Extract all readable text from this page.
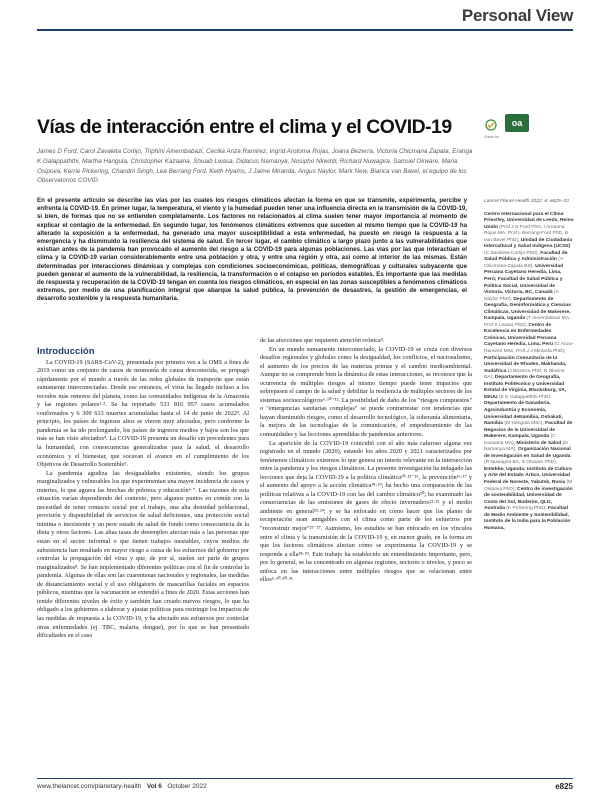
Personal View
Vías de interacción entre el clima y el COVID-19	Check for
oa
James D Ford, Carol Zavaleta Cortijo, Triphini Ainembabazi, Cecilia Anza Ramirez, Ingrid Arotoma Rojas, Joana Bezerra, Victoria Chicmana Zapata, Eranga K Galappaththi, Martha Hangula, Christopher Kazaana, Shuaib Lwasa, Didacus Namanya, Nosipho Nkwinti, Richard Nuwagira, Samuel Okware, Maria Osipova, Kerrie Pickering, Chandni Singh, Lea Berrang Ford, Keith Hyams, J Jaime Miranda, Angus Naylor, Mark New, Bianca van Bavel, el equipo de los Observatorios COVID
En el presente artículo se describe las vías por las cuales los riesgos climáticos afectan la forma en que se transmite, experimenta, percibe y enfrenta la COVID-19. En primer lugar, la temperatura, el viento y la humedad pueden tener una influencia directa en la transmisión de la COVID-19, si bien, de formas que no se entienden completamente. Los factores no relacionados al clima suelen tener mayor importancia al momento de explicar el contagio de la enfermedad. En segundo lugar, los fenómenos climáticos extremos que suceden al mismo tiempo que la COVID-19 ha alterado la exposición a la enfermedad, ha generado una mayor susceptibilidad a esta enfermedad, ha puesto en riesgo la respuesta a la emergencia y ha disminuido la resiliencia del sistema de salud. En tercer lugar, el cambio climático a largo plazo junto a las vulnerabilidades que existían antes de la pandemia han provocado el aumento del riesgo a la COVID-19 para algunas poblaciones. Las vías por las que interactúan el clima y la COVID-19 varían considerablemente entre una población y otra, y entre una región y otra, así como al interior de las mismas. Están determinadas por interacciones dinámicas y complejas con condiciones socioeconómicas, políticas, demográficas y culturales subyacente que pueden generar el aumento de la vulnerabilidad, la resiliencia, la transformación o el colapso en períodos estables. Es importante que las medidas de respuesta y recuperación de la COVID-19 tengan en cuenta los riesgos climáticos, en especial en las zonas susceptibles a fenómenos climáticos extremos, por medio de una planificación integral que abarque la salud pública, la prevención de desastres, la gestión de emergencias, el desarrollo sostenible y la respuesta humanitaria.
Introducción

La COVID-19 (SARS-CoV-2), presentada por primera vez a la OMS a fines de 2019 como un conjunto de casos de neumonía de causa desconocida, se propagó rápidamente por el mundo a través de las redes globales de transporte que están sumamente interconectadas. Desde ese entonces, el virus ha llegado incluso a los recodos más remotos del planeta, como las comunidades indígenas de la Amazonía y las regiones polares¹·². Se ha reportado 533 816 957 casos acumulados confirmados y 6 309 633 muertes acumuladas hasta el 14 de junio de 2022³. Al principio, los países de ingresos altos se vieron muy afectados, pero conforme la pandemia se ha ido prolongando, los países de ingresos medios y bajos son los que más se han visto afectados⁴. La COVID-19 presenta un desafío sin precedentes para la humanidad, con consecuencias generalizadas para la salud, el desarrollo económico y el bienestar, que socavan el avance en el cumplimiento de los Objetivos de Desarrollo Sostenible⁵.

La pandemia agudiza las desigualdades existentes, siendo los grupos marginalizados y vulnerables los que experimentan una mayor incidencia de casos y muertes, lo que agrava las brechas de pobreza y educación⁶·⁷. Las razones de esta situación varían dependiendo del contexto, pero algunos puntos en común son la necesidad de tener contacto social por el trabajo, una alta densidad poblacional, provisión y disponibilidad de servicios de salud deficientes, una protección social mínima o inexistente y un peor estado de salud de fondo como consecuencia de la dieta y otros factores. Las altas tasas de desempleo afectan más a las personas que están en el sector informal o que tienen trabajos inestables, cuyos medios de subsistencia han resultado en mayor riesgo a causa de los esfuerzos del gobierno por controlar la propagación del virus y que, de por sí, suelen ser parte de grupos marginalizados⁸. Se han implementado diferentes políticas con el fin de controlar la pandemia. Algunas de ellas son las cuarentenas nacionales y regionales, las medidas de distanciamiento social y el uso obligatorio de mascarillas faciales en espacios públicos, mientras que la vacunación se extendió a fines de 2020. Estas acciones han tenido diferentes niveles de éxito y también han creado nuevos riesgos, lo que ha obligado a los gobiernos a elaborar y ajustar políticas para restringir los impactos de las medidas de respuesta a la COVID-19, y ha afectado sus esfuerzos por controlar otras enfermedades (ej. TBC, malaria, dengue), por lo que se han presentado dificultades en el caso

de las afecciones que requieren atención crónica⁹.

En un mundo sumamente interconectado, la COVID-19 se cruza con diversos desafíos regionales y globales como la desigualdad, los conflictos, el nacionalismo, el aumento de los precios de las materias primas y el cambio medioambiental. Aunque no se comprende bien la dinámica de estas interacciones, se reconoce que la ocurrencia de múltiples riesgos al mismo tiempo puede tener impactos que sobrepasen el campo de la salud y debilitar la resiliencia de múltiples sectores de los sistemas socioecológicos⁶·¹⁰⁻¹². La posibilidad de daño de los "riesgos compuestos" o "emergencias sanitarias complejas" se puede contrarrestar con tendencias que hayan disminuido riesgos, como el desarrollo tecnológico, la soberanía alimentaria, la mejora de las tecnologías de la comunicación, el empoderamiento de las comunidades y las lecciones aprendidas de pandemias anteriores.

La aparición de la COVID-19 coincidió con el año más caluroso alguna vez registrado en el mundo (2020), estando los años 2020 y 2021 caracterizados por fenómenos climáticos extremos lo que genera un interés relevante en la intersección entre la pandemia y los riesgos climáticos. La presente investigación ha indagado las lecciones que deja la COVID-19 a la política climática¹⁰·¹³⁻¹⁵, la prevención¹⁶·¹⁷ y el aumento del apoyo a la acción climática¹⁸·¹⁹; ha hecho una comparación de las políticas relativas a la COVID-19 con las del cambio climático²⁰; ha examinado las consecuencias de las emisiones de gases de efecto invernadero²¹·²² y el medio ambiente en general²³·²⁴; y se ha enfocado en cómo hacer que los planes de recuperación sean amigables con el clima como parte de los esfuerzos por "reconstruir mejor"²⁵⁻²⁷. Asimismo, los estudios se han enfocado en los vínculos entre el clima y la transmisión de la COVID-19 y, en menor grado, en la forma en que los factores climáticos afectan cómo se experimenta la COVID-19 y se responde a ella²⁸·²⁹. Este trabajo ha establecido un entendimiento importante, pero, por lo general, se ha concentrado en algunas regiones, sectores o niveles, y poco se enfoca en las interacciones entre múltiples riesgos que se relacionan entre ellos⁵·¹⁰·³⁰·³¹

Lancet Planet Health 2022; 6: e825–33
Centro Internacional para el Clima Priestley, Universidad de Leeds, Reino Unido (Prof J D Ford PhD, I Arotoma Rojas MA, Prof L Berrang-Ford PhD, B van Bavel PhD); Unidad de Ciudadanía Intercultural y Salud Indígena (UCISI) (C Zavaleta-Cortijo PhD), Facultad de Salud Pública y Administración (V Chicmana-Zapata BS), Universidad Peruana Cayetano Heredia, Lima, Perú; Facultad de Salud Pública y Política Social, Universidad de Victoria, Victoria, BC, Canadá (A Naylor PhD); Departamento de Geografía, Geoinformática y Ciencias Climáticas, Universidad de Makerere, Kampala, Uganda (T Ainembabazi MA, Prof S Lwasa PhD); Centro de Excelencia en Enfermedades Crónicas, Universidad Peruana Cayetano Heredia, Lima, Perú (C Anza-Ramirez MSc, Prof J J Miranda PhD); Participación Comunitaria de la Universidad de Rhodes, Makhanda, Sudáfrica (J Bezerra PhD, N Nkwinti BA); Departamento de Geografía, Instituto Politécnico y Universidad Estatal de Virginia, Blacksburg, VA, EEUU (E K Galappaththi PhD); Departamento de Ganadería, Agroindustria y Economía, Universidad deNamibia, Oshakati, Namibia (M Hangula MSc); Facultad de Negocios de la Universidad de Makerere, Kampala, Uganda (C Kazaana MA); Ministerio de Salud (D Namanya MA), Organización Nacional de Investigación en Salud de Uganda (R Nuwagira BA, S Okware PhD), Entebbe, Uganda; Instituto de Cultura y Arte del Estado Ártico, Universidad Federal de Noreste, Yakutsk, Rusia (M Osipova PhD); Centro de investigación de sostenibilidad, Universidad de Costa del Sol, Buderim, QLD, Australia (K Pickering PhD); Facultad de Medio Ambiente y Sostenibilidad, Instituto de la India para la Población Humana,
www.thelancet.com/planetary-health Vol 6 October 2022	e825
